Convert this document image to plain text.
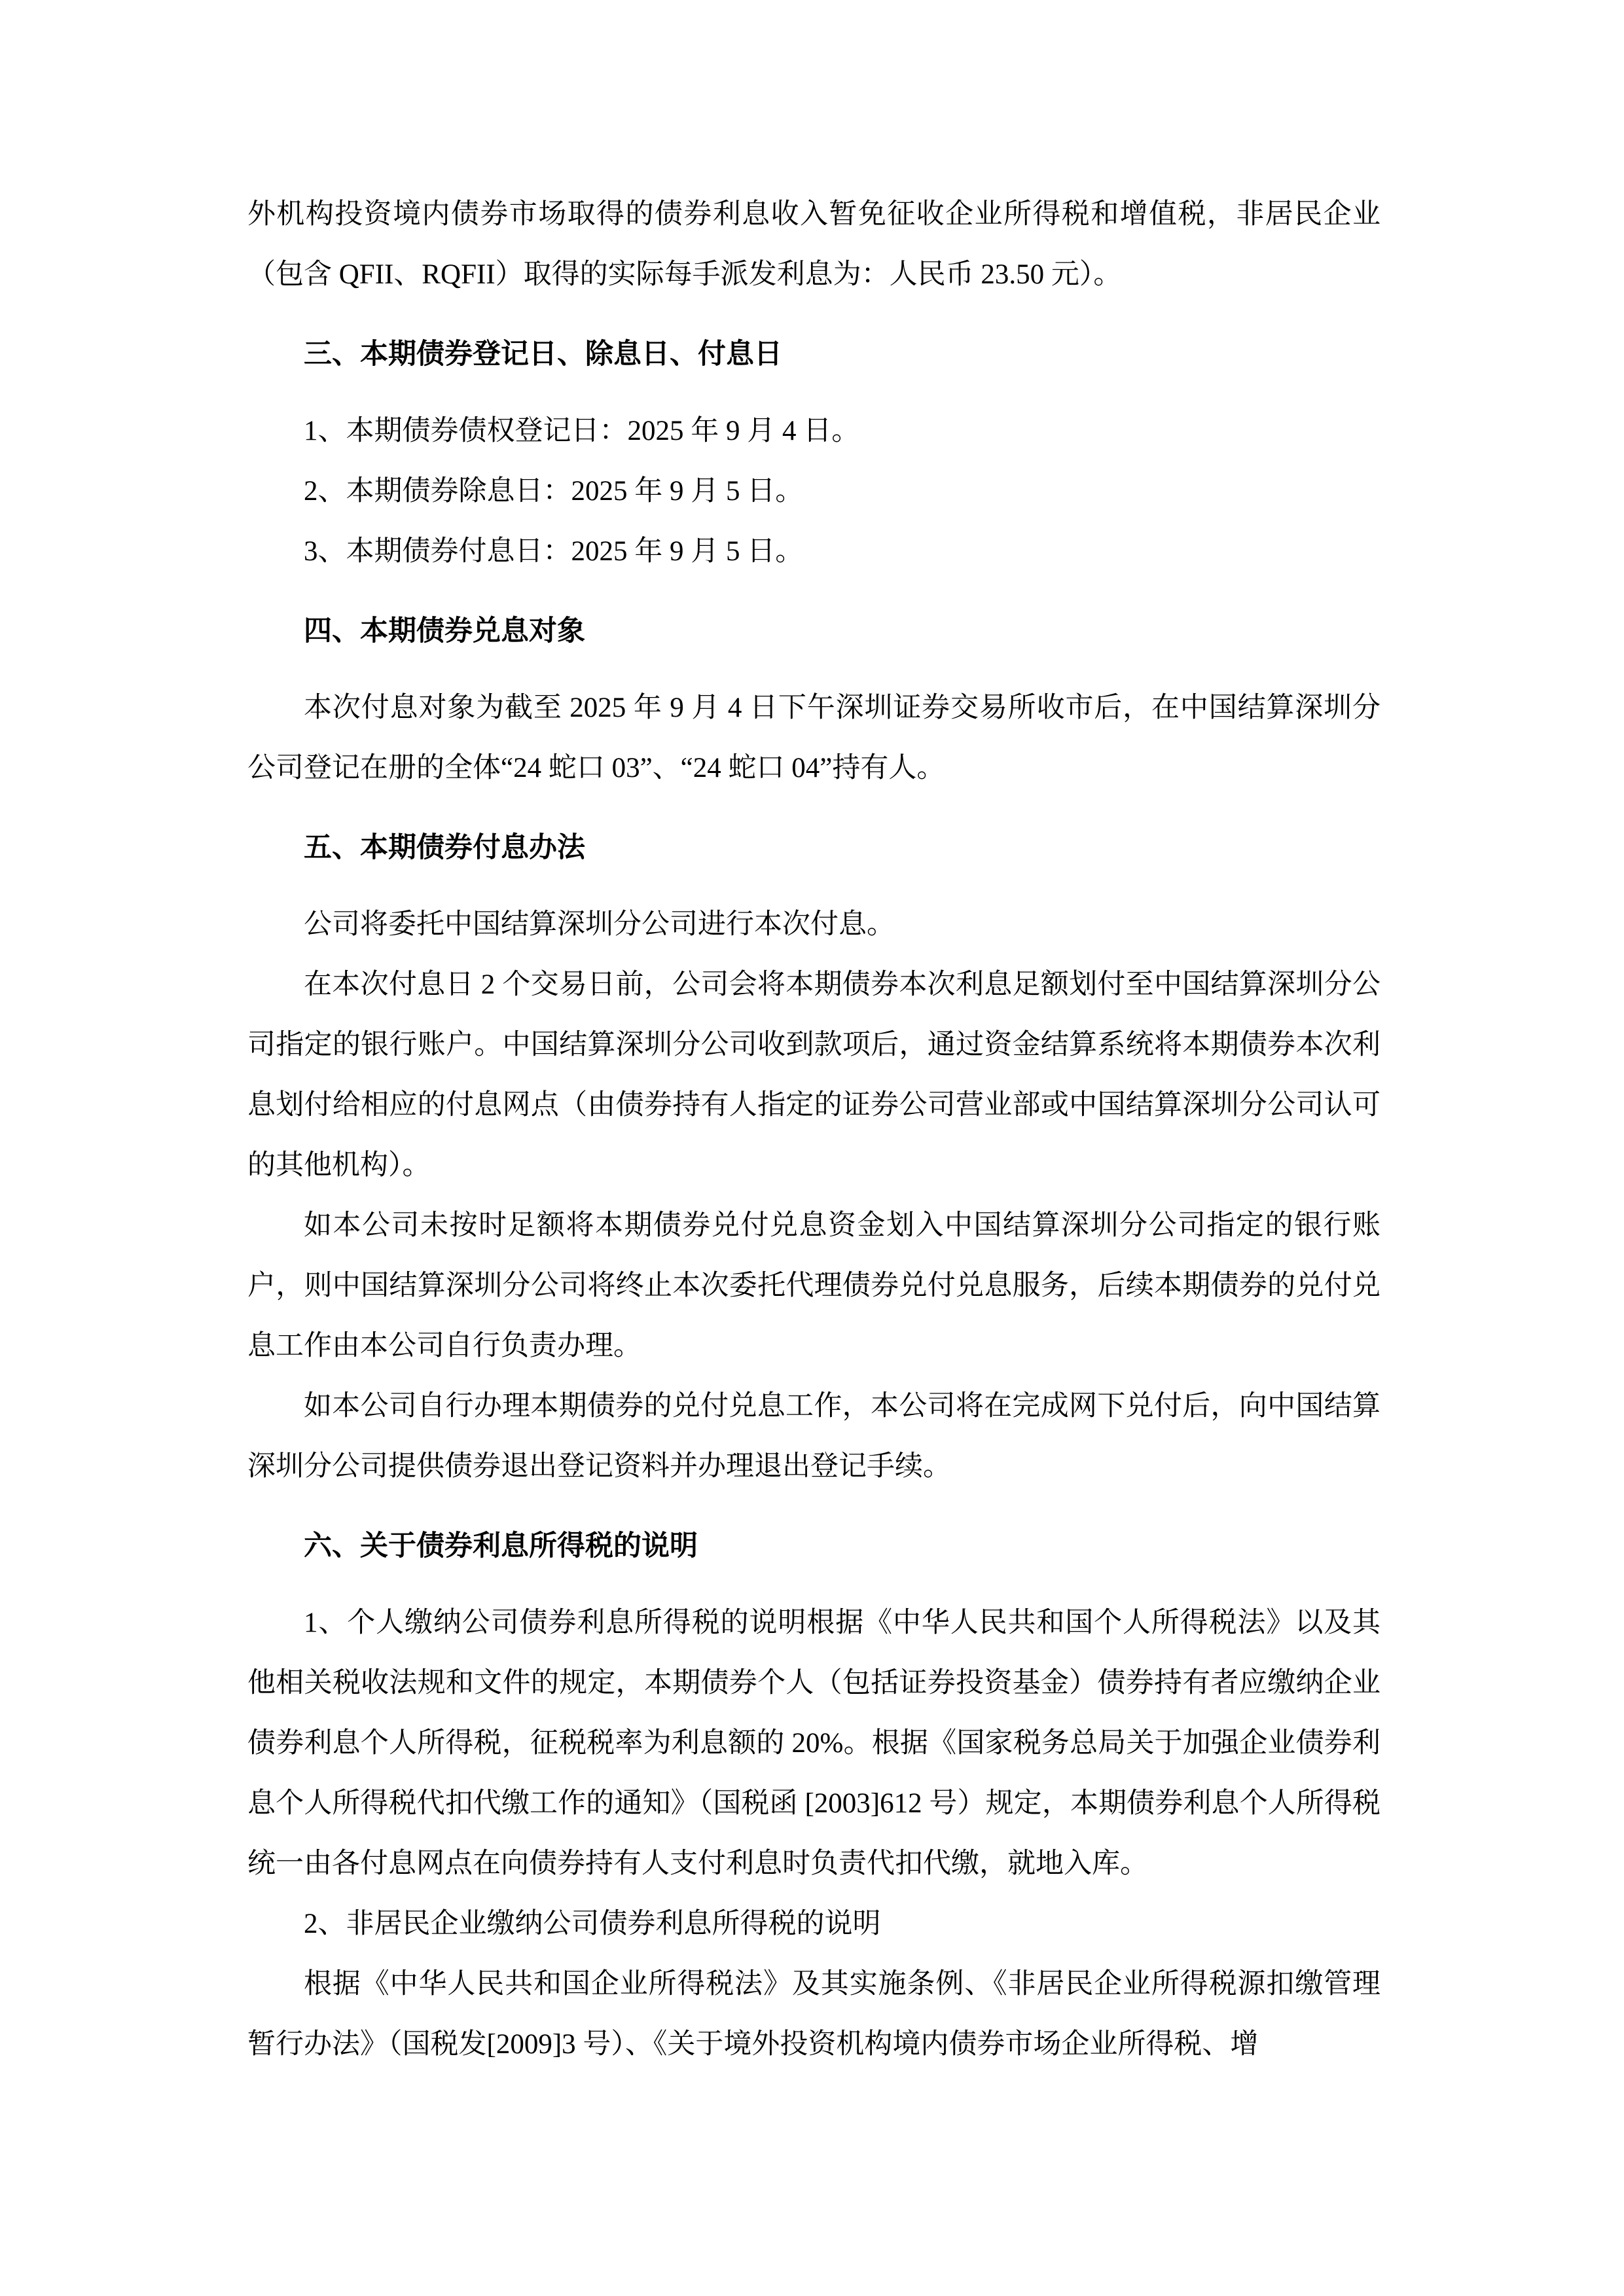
外机构投资境内债券市场取得的债券利息收入暂免征收企业所得税和增值税，非居民企业（包含 QFII、RQFII）取得的实际每手派发利息为：人民币 23.50 元）。

三、本期债券登记日、除息日、付息日

1、本期债券债权登记日：2025 年 9 月 4 日。

2、本期债券除息日：2025 年 9 月 5 日。

3、本期债券付息日：2025 年 9 月 5 日。

四、本期债券兑息对象

本次付息对象为截至 2025 年 9 月 4 日下午深圳证券交易所收市后，在中国结算深圳分公司登记在册的全体“24 蛇口 03”、“24 蛇口 04”持有人。

五、本期债券付息办法

公司将委托中国结算深圳分公司进行本次付息。

在本次付息日 2 个交易日前，公司会将本期债券本次利息足额划付至中国结算深圳分公司指定的银行账户。中国结算深圳分公司收到款项后，通过资金结算系统将本期债券本次利息划付给相应的付息网点（由债券持有人指定的证券公司营业部或中国结算深圳分公司认可的其他机构）。

如本公司未按时足额将本期债券兑付兑息资金划入中国结算深圳分公司指定的银行账户，则中国结算深圳分公司将终止本次委托代理债券兑付兑息服务，后续本期债券的兑付兑息工作由本公司自行负责办理。

如本公司自行办理本期债券的兑付兑息工作，本公司将在完成网下兑付后，向中国结算深圳分公司提供债券退出登记资料并办理退出登记手续。

六、关于债券利息所得税的说明

1、个人缴纳公司债券利息所得税的说明根据《中华人民共和国个人所得税法》以及其他相关税收法规和文件的规定，本期债券个人（包括证券投资基金）债券持有者应缴纳企业债券利息个人所得税，征税税率为利息额的 20%。根据《国家税务总局关于加强企业债券利息个人所得税代扣代缴工作的通知》（国税函 [2003]612 号）规定，本期债券利息个人所得税统一由各付息网点在向债券持有人支付利息时负责代扣代缴，就地入库。

2、非居民企业缴纳公司债券利息所得税的说明

根据《中华人民共和国企业所得税法》及其实施条例、《非居民企业所得税源扣缴管理暂行办法》（国税发[2009]3 号）、《关于境外投资机构境内债券市场企业所得税、增
